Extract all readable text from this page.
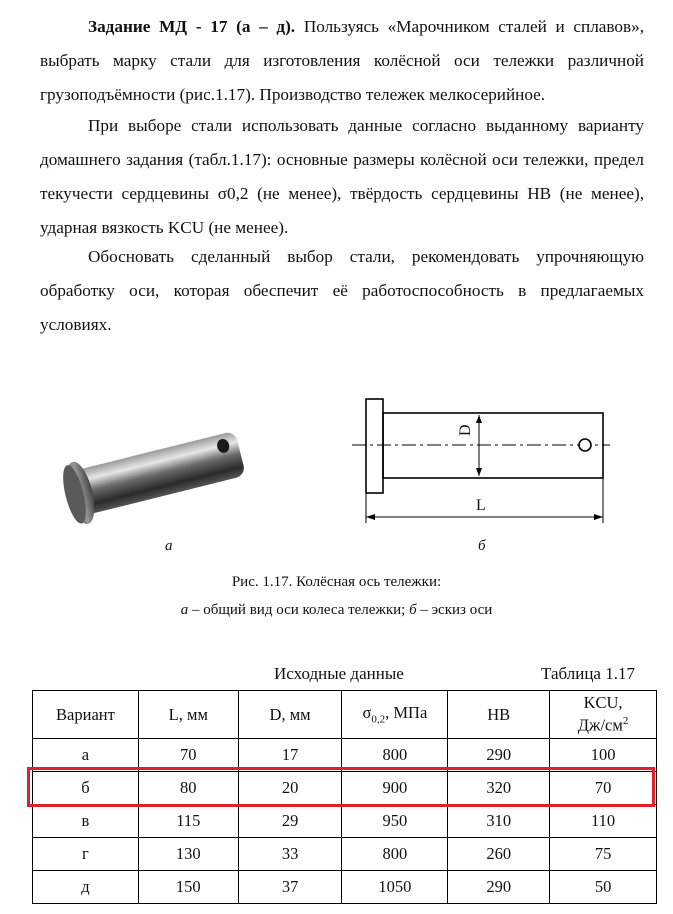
Задание МД - 17 (а – д). Пользуясь «Марочником сталей и сплавов», выбрать марку стали для изготовления колёсной оси тележки различной грузоподъёмности (рис.1.17). Производство тележек мелкосерийное.
При выборе стали использовать данные согласно выданному варианту домашнего задания (табл.1.17): основные размеры колёсной оси тележки, предел текучести сердцевины σ0,2 (не менее), твёрдость сердцевины НВ (не менее), ударная вязкость KCU (не менее).
Обосновать сделанный выбор стали, рекомендовать упрочняющую обработку оси, которая обеспечит её работоспособность в предлагаемых условиях.
D
L
а	б
Рис. 1.17. Колёсная ось тележки:
а – общий вид оси колеса тележки; б – эскиз оси
Исходные данные	Таблица 1.17
Вариант	L, мм	D, мм	$\sigma_{0,2}$, МПа	НВ	KCU,
$Дж/см^2$
а	70	17	800	290	100
б	80	20	900	320	70
в	115	29	950	310	110
г	130	33	800	260	75
д	150	37	1050	290	50
